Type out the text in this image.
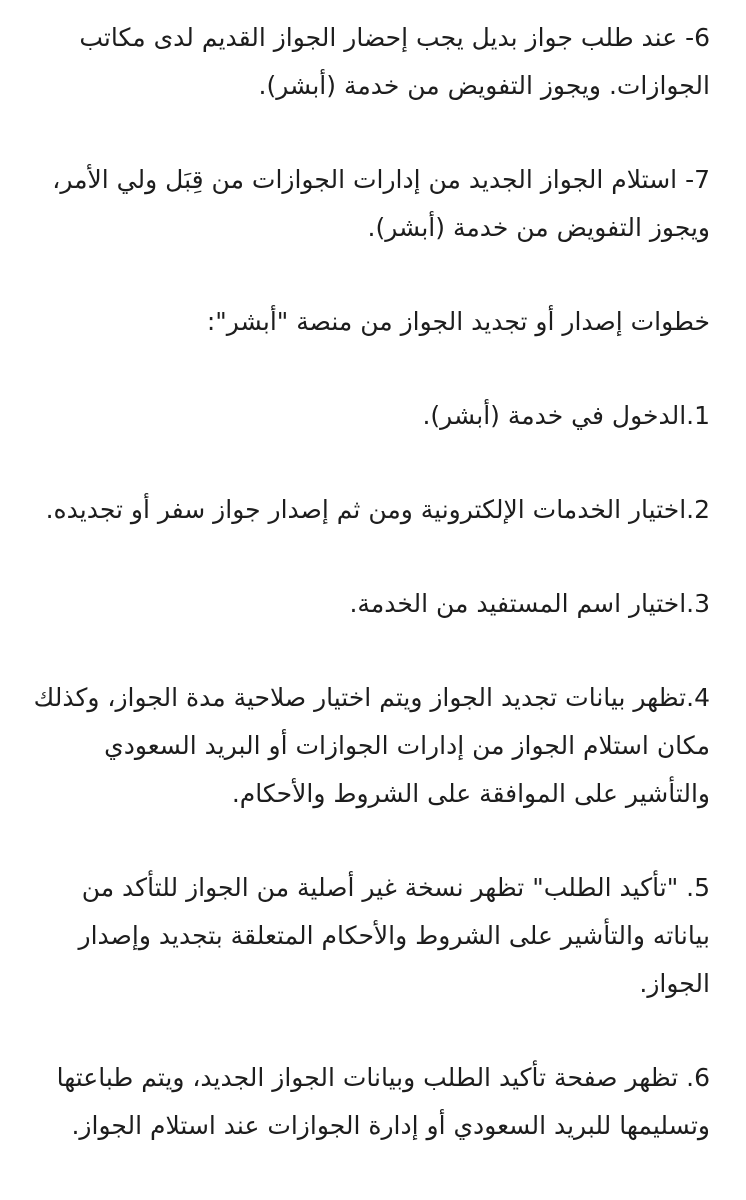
6- عند طلب جواز بديل يجب إحضار الجواز القديم لدى مكاتب الجوازات. ويجوز التفويض من خدمة (أبشر).

7- استلام الجواز الجديد من إدارات الجوازات من قِبَل ولي الأمر، ويجوز التفويض من خدمة (أبشر).

خطوات إصدار أو تجديد الجواز من منصة "أبشر":

1.الدخول في خدمة (أبشر).

2.اختيار الخدمات الإلكترونية ومن ثم إصدار جواز سفر أو تجديده.

3.اختيار اسم المستفيد من الخدمة.

4.تظهر بيانات تجديد الجواز ويتم اختيار صلاحية مدة الجواز، وكذلك مكان استلام الجواز من إدارات الجوازات أو البريد السعودي والتأشير على الموافقة على الشروط والأحكام.

5. "تأكيد الطلب" تظهر نسخة غير أصلية من الجواز للتأكد من بياناته والتأشير على الشروط والأحكام المتعلقة بتجديد وإصدار الجواز.

6. تظهر صفحة تأكيد الطلب وبيانات الجواز الجديد، ويتم طباعتها وتسليمها للبريد السعودي أو إدارة الجوازات عند استلام الجواز.
